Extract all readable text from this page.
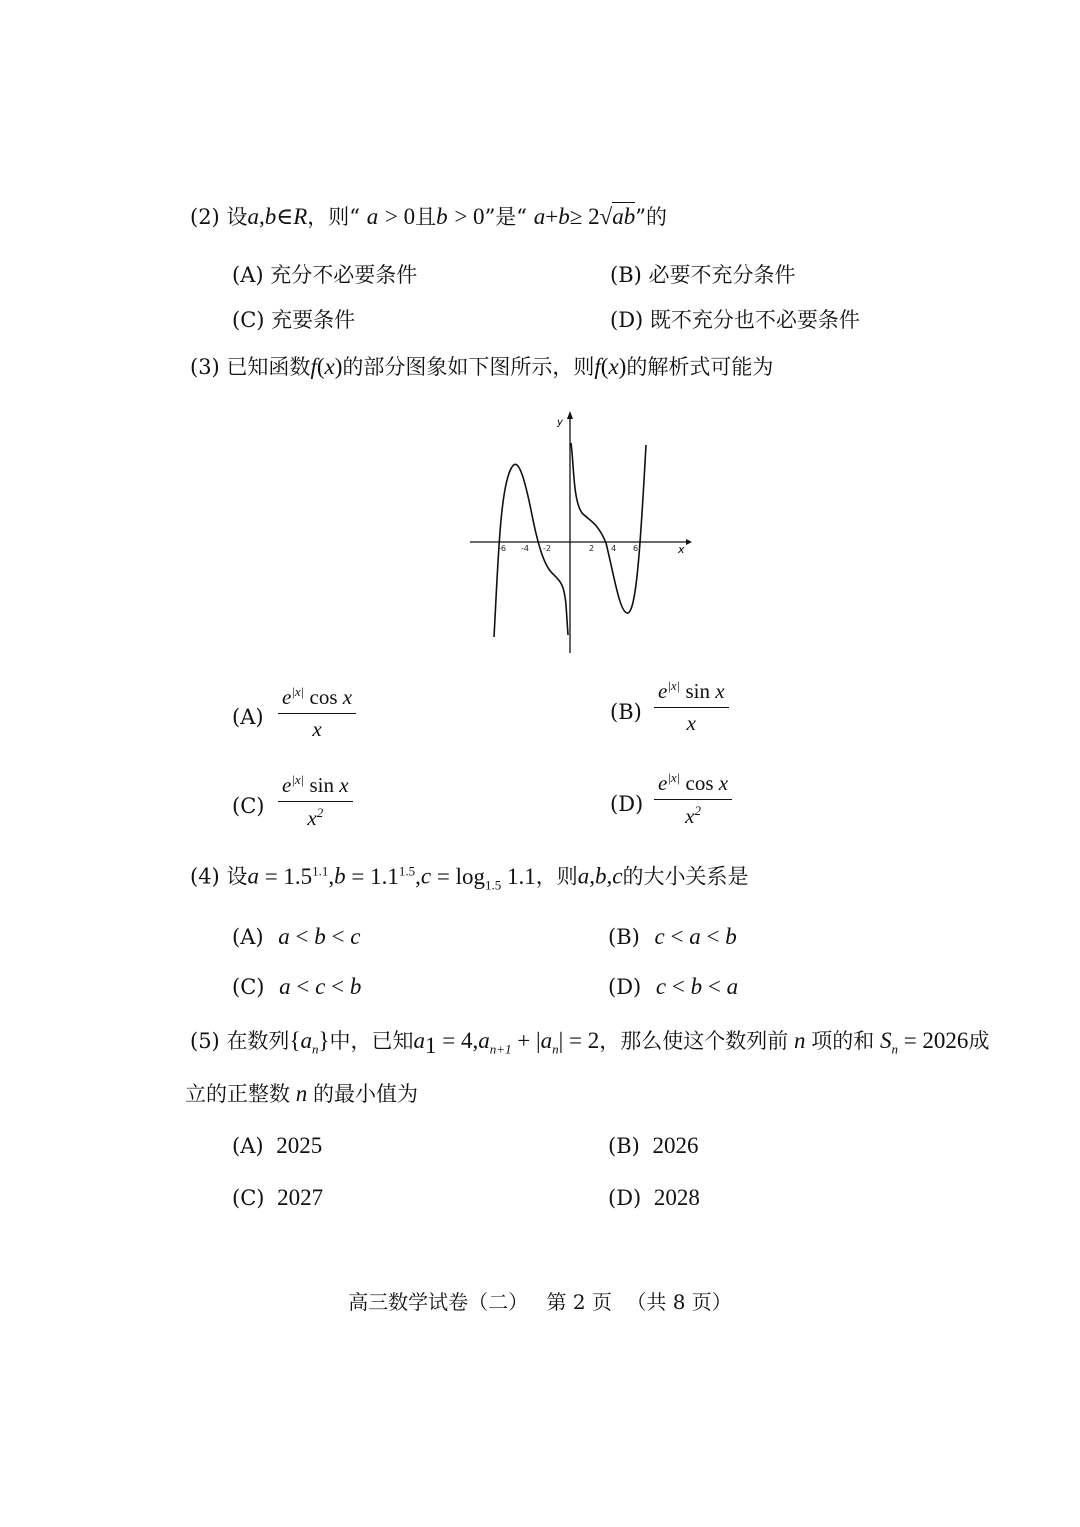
(2) 设a,b∈R，则“ a > 0且b > 0”是“ a+b≥ 2√ab”的
(A) 充分不必要条件	(B) 必要不充分条件
(C) 充要条件	(D) 既不充分也不必要条件
(3) 已知函数f(x)的部分图象如下图所示，则f(x)的解析式可能为
y
x
-6 -4 -2	2 4 6
$(A) \frac{e^{|x|} \cos x}{x}$	$(B) \frac{e^{|x|} \sin x}{x}$
$(C) \frac{e^{|x|} \sin x}{x^2}$	$(D) \frac{e^{|x|} \cos x}{x^2}$
(4) 设$a = 1.5^{1.1},b = 1.1^{1.5},c = \log_{1.5} 1.1$，则a,b,c的大小关系是
(A) a < b < c	(B) c < a < b
(C) a < c < b	(D) c < b < a
(5) 在数列$\{a_n\}$中，已知$a_1 = 4,a_{n+1} + |a_n| = 2$，那么使这个数列前 n 项的和 $S_n = 2026$成
立的正整数 n 的最小值为
(A) 2025	(B) 2026
(C) 2027	(D) 2028
高三数学试卷（二） 第 2 页 （共 8 页）
